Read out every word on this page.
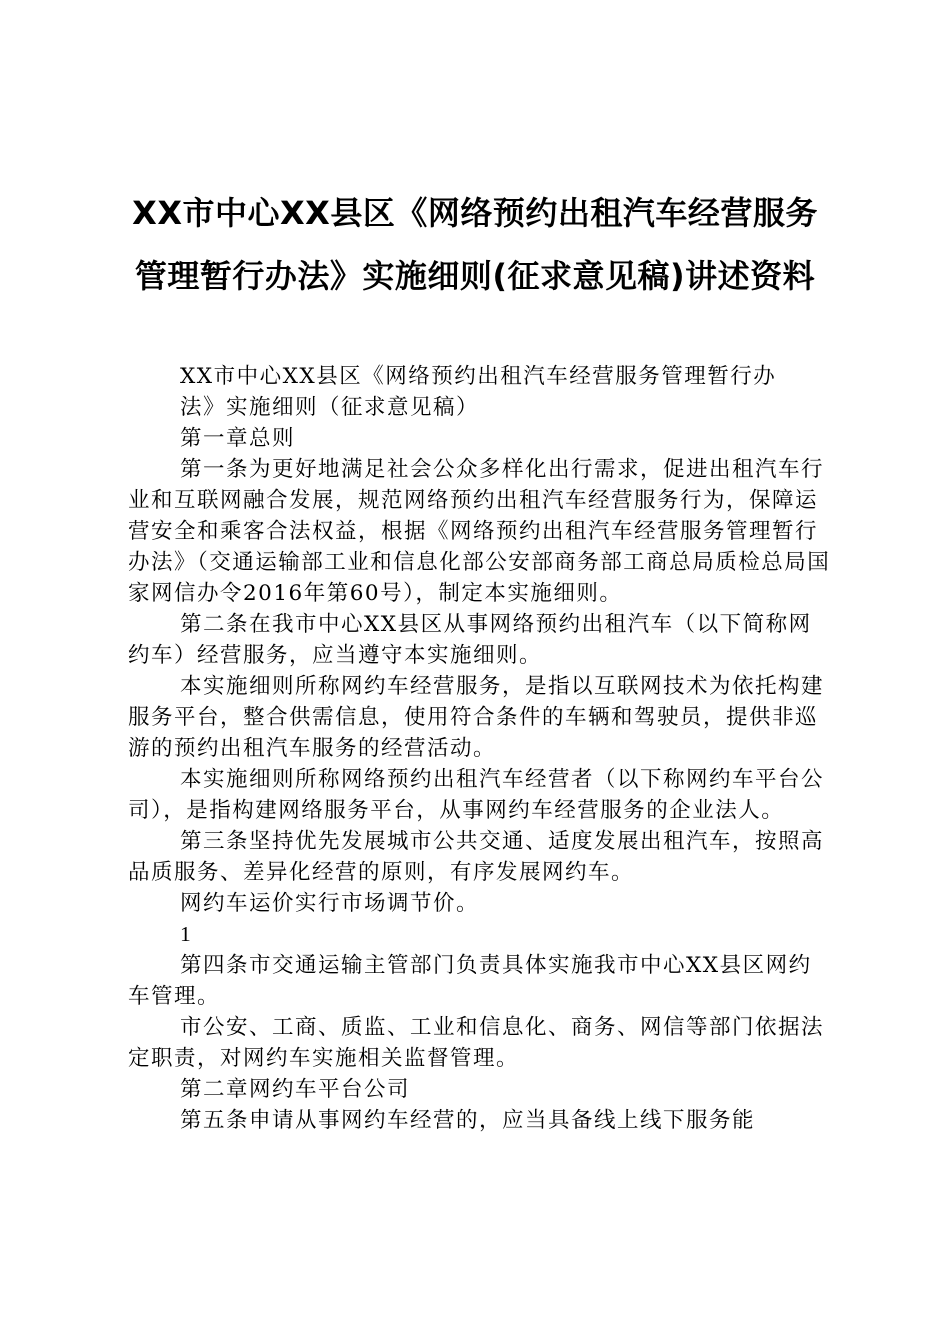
XX市中心XX县区《网络预约出租汽车经营服务管理暂行办法》实施细则(征求意见稿)讲述资料

XX市中心XX县区《网络预约出租汽车经营服务管理暂行办法》实施细则（征求意见稿）

第一章总则

第一条为更好地满足社会公众多样化出行需求，促进出租汽车行业和互联网融合发展，规范网络预约出租汽车经营服务行为，保障运营安全和乘客合法权益，根据《网络预约出租汽车经营服务管理暂行办法》（交通运输部工业和信息化部公安部商务部工商总局质检总局国家网信办令2016年第60号），制定本实施细则。

第二条在我市中心XX县区从事网络预约出租汽车（以下简称网约车）经营服务，应当遵守本实施细则。

本实施细则所称网约车经营服务，是指以互联网技术为依托构建服务平台，整合供需信息，使用符合条件的车辆和驾驶员，提供非巡游的预约出租汽车服务的经营活动。

本实施细则所称网络预约出租汽车经营者（以下称网约车平台公司），是指构建网络服务平台，从事网约车经营服务的企业法人。

第三条坚持优先发展城市公共交通、适度发展出租汽车，按照高品质服务、差异化经营的原则，有序发展网约车。

网约车运价实行市场调节价。

1

第四条市交通运输主管部门负责具体实施我市中心XX县区网约车管理。

市公安、工商、质监、工业和信息化、商务、网信等部门依据法定职责，对网约车实施相关监督管理。

第二章网约车平台公司

第五条申请从事网约车经营的，应当具备线上线下服务能
